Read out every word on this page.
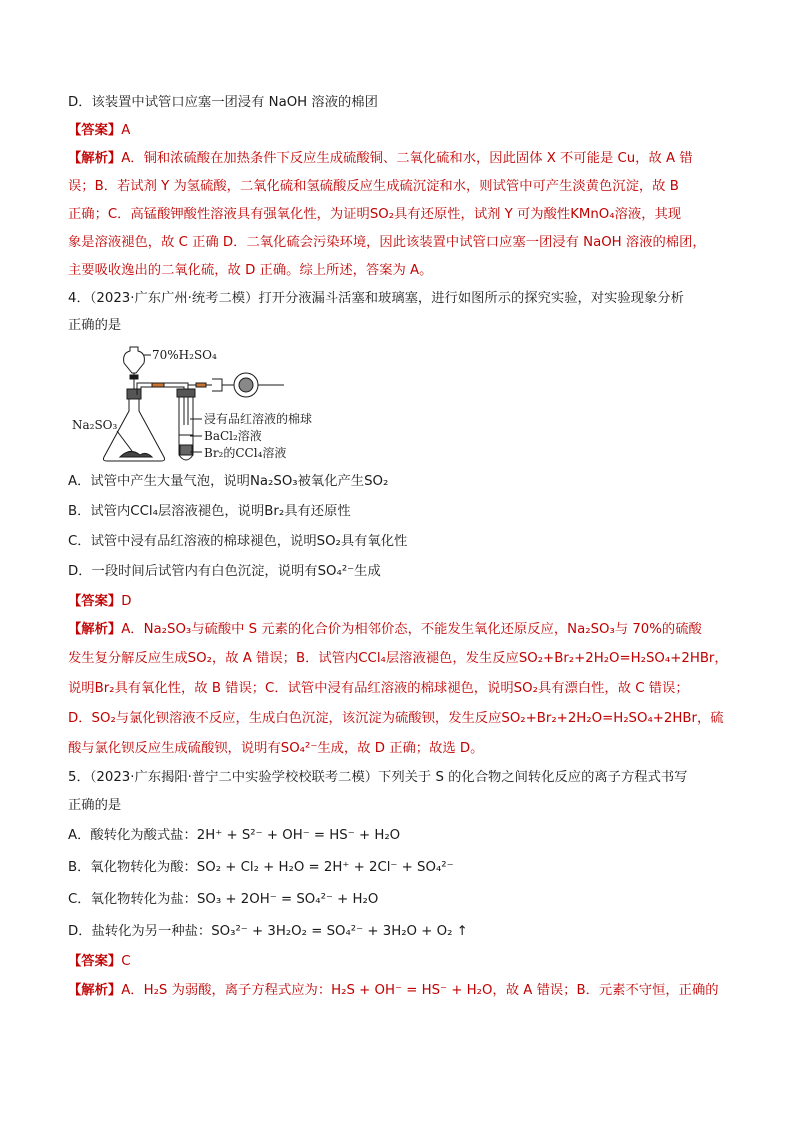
D．该装置中试管口应塞一团浸有 NaOH 溶液的棉团
【答案】A
【解析】A．铜和浓硫酸在加热条件下反应生成硫酸铜、二氧化硫和水，因此固体 X 不可能是 Cu，故 A 错
误；B．若试剂 Y 为氢硫酸，二氧化硫和氢硫酸反应生成硫沉淀和水，则试管中可产生淡黄色沉淀，故 B
正确；C．高锰酸钾酸性溶液具有强氧化性，为证明SO₂具有还原性，试剂 Y 可为酸性KMnO₄溶液，其现
象是溶液褪色，故 C 正确 D．二氧化硫会污染环境，因此该装置中试管口应塞一团浸有 NaOH 溶液的棉团，
主要吸收逸出的二氧化硫，故 D 正确。综上所述，答案为 A。
4．（2023·广东广州·统考二模）打开分液漏斗活塞和玻璃塞，进行如图所示的探究实验，对实验现象分析
正确的是
70%H₂SO₄
Na₂SO₃	浸有品红溶液的棉球
BaCl₂溶液
Br₂的CCl₄溶液
A．试管中产生大量气泡，说明Na₂SO₃被氧化产生SO₂
B．试管内CCl₄层溶液褪色，说明Br₂具有还原性
C．试管中浸有品红溶液的棉球褪色，说明SO₂具有氧化性
D．一段时间后试管内有白色沉淀，说明有SO₄²⁻生成
【答案】D
【解析】A．Na₂SO₃与硫酸中 S 元素的化合价为相邻价态，不能发生氧化还原反应，Na₂SO₃与 70%的硫酸
发生复分解反应生成SO₂，故 A 错误；B．试管内CCl₄层溶液褪色，发生反应SO₂+Br₂+2H₂O=H₂SO₄+2HBr，
说明Br₂具有氧化性，故 B 错误；C．试管中浸有品红溶液的棉球褪色，说明SO₂具有漂白性，故 C 错误；
D．SO₂与氯化钡溶液不反应，生成白色沉淀，该沉淀为硫酸钡，发生反应SO₂+Br₂+2H₂O=H₂SO₄+2HBr，硫
酸与氯化钡反应生成硫酸钡，说明有SO₄²⁻生成，故 D 正确；故选 D。
5．（2023·广东揭阳·普宁二中实验学校校联考二模）下列关于 S 的化合物之间转化反应的离子方程式书写
正确的是
A．酸转化为酸式盐：2H⁺ + S²⁻ + OH⁻ = HS⁻ + H₂O
B．氧化物转化为酸：SO₂ + Cl₂ + H₂O = 2H⁺ + 2Cl⁻ + SO₄²⁻
C．氧化物转化为盐：SO₃ + 2OH⁻ = SO₄²⁻ + H₂O
D．盐转化为另一种盐：SO₃²⁻ + 3H₂O₂ = SO₄²⁻ + 3H₂O + O₂ ↑
【答案】C
【解析】A．H₂S 为弱酸，离子方程式应为：H₂S + OH⁻ = HS⁻ + H₂O，故 A 错误；B．元素不守恒，正确的
